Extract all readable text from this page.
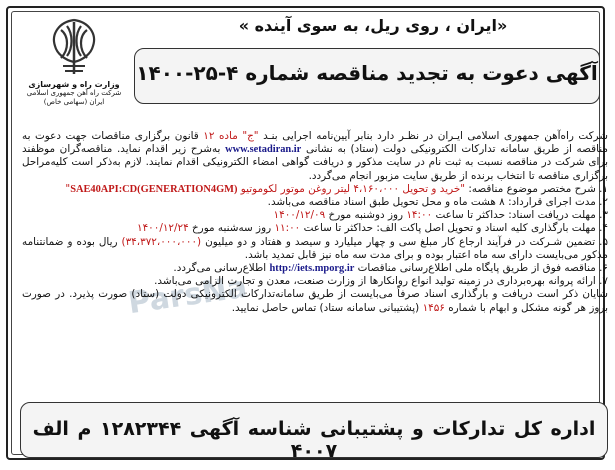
وزارت راه و شهرسازی
شرکت راه آهن جمهوری اسلامی ایران (سهامی خاص)
«ایران ، روی ریل، به سوی آینده »
آگهی دعوت به تجدید مناقصه شماره ۴-۲۵-۱۴۰۰
ParsNa

شرکت راه‌آهن جمهوری اسلامی ایـران در نظـر دارد بنابر آیین‌نامه اجرایی بنـد "ج" ماده ۱۲ قانون برگزاری مناقصات جهت دعوت به مناقصه از طریق سامانه تدارکات الکترونیکی دولت (ستاد) به نشانی www.setadiran.ir به‌شرح زیر اقدام نماید. مناقصه‌گران موظفند برای شرکت در مناقصه نسبت به ثبت نام در سایت مذکور و دریافت گواهی امضاء الکترونیکی اقدام نمایند. لازم به‌ذکر است کلیه‌مراحل برگزاری مناقصه تا انتخاب برنده از طریق سایت مزبور انجام می‌گردد.

۱. شرح مختصر موضوع مناقصه: "خرید و تحویل ۴،۱۶۰،۰۰۰ لیتر روغن موتور لکوموتیو SAE40API:CD(GENERATION4GM)"

۲. مدت اجرای قرارداد: ۸ هشت ماه و محل تحویل طبق اسناد مناقصه می‌باشد.

۳. مهلت دریافت اسناد: حداکثر تا ساعت ۱۴:۰۰ روز دوشنبه مورخ ۱۴۰۰/۱۲/۰۹

۴. مهلت بارگذاری کلیه اسناد و تحویل اصل پاکت الف: حداکثر تا ساعت ۱۱:۰۰ روز سه‌شنبه مورخ ۱۴۰۰/۱۲/۲۴

۵. تضمین شـرکت در فرآیند ارجاع کار مبلغ سی و چهار میلیارد و سیصد و هفتاد و دو میلیون (۳۴،۳۷۲،۰۰۰،۰۰۰) ریال بوده و ضمانتنامه مذکور می‌بایست دارای سه ماه اعتبار بوده و برای مدت سه ماه نیز قابل تمدید باشد.

۶. مناقصه فوق از طریق پایگاه ملی اطلاع‌رسانی مناقصات http://iets.mporg.ir اطلاع‌رسانی می‌گردد.

۷. ارائه پروانه بهره‌برداری در زمینه تولید انواع روانکارها از وزارت صنعت، معدن و تجارت الزامی می‌باشد.

شایان ذکر است دریافت و بارگذاری اسناد صرفاً می‌بایست از طریق سامانه‌تدارکات الکترونیکی دولت (ستاد) صورت پذیرد. در صورت بروز هر گونه مشکل و ابهام با شماره ۱۴۵۶ (پشتیبانی سامانه ستاد) تماس حاصل نمایید.

اداره کل تدارکات و پشتیبانی شناسه آگهی ۱۲۸۲۳۴۴ م الف ۴۰۰۷
